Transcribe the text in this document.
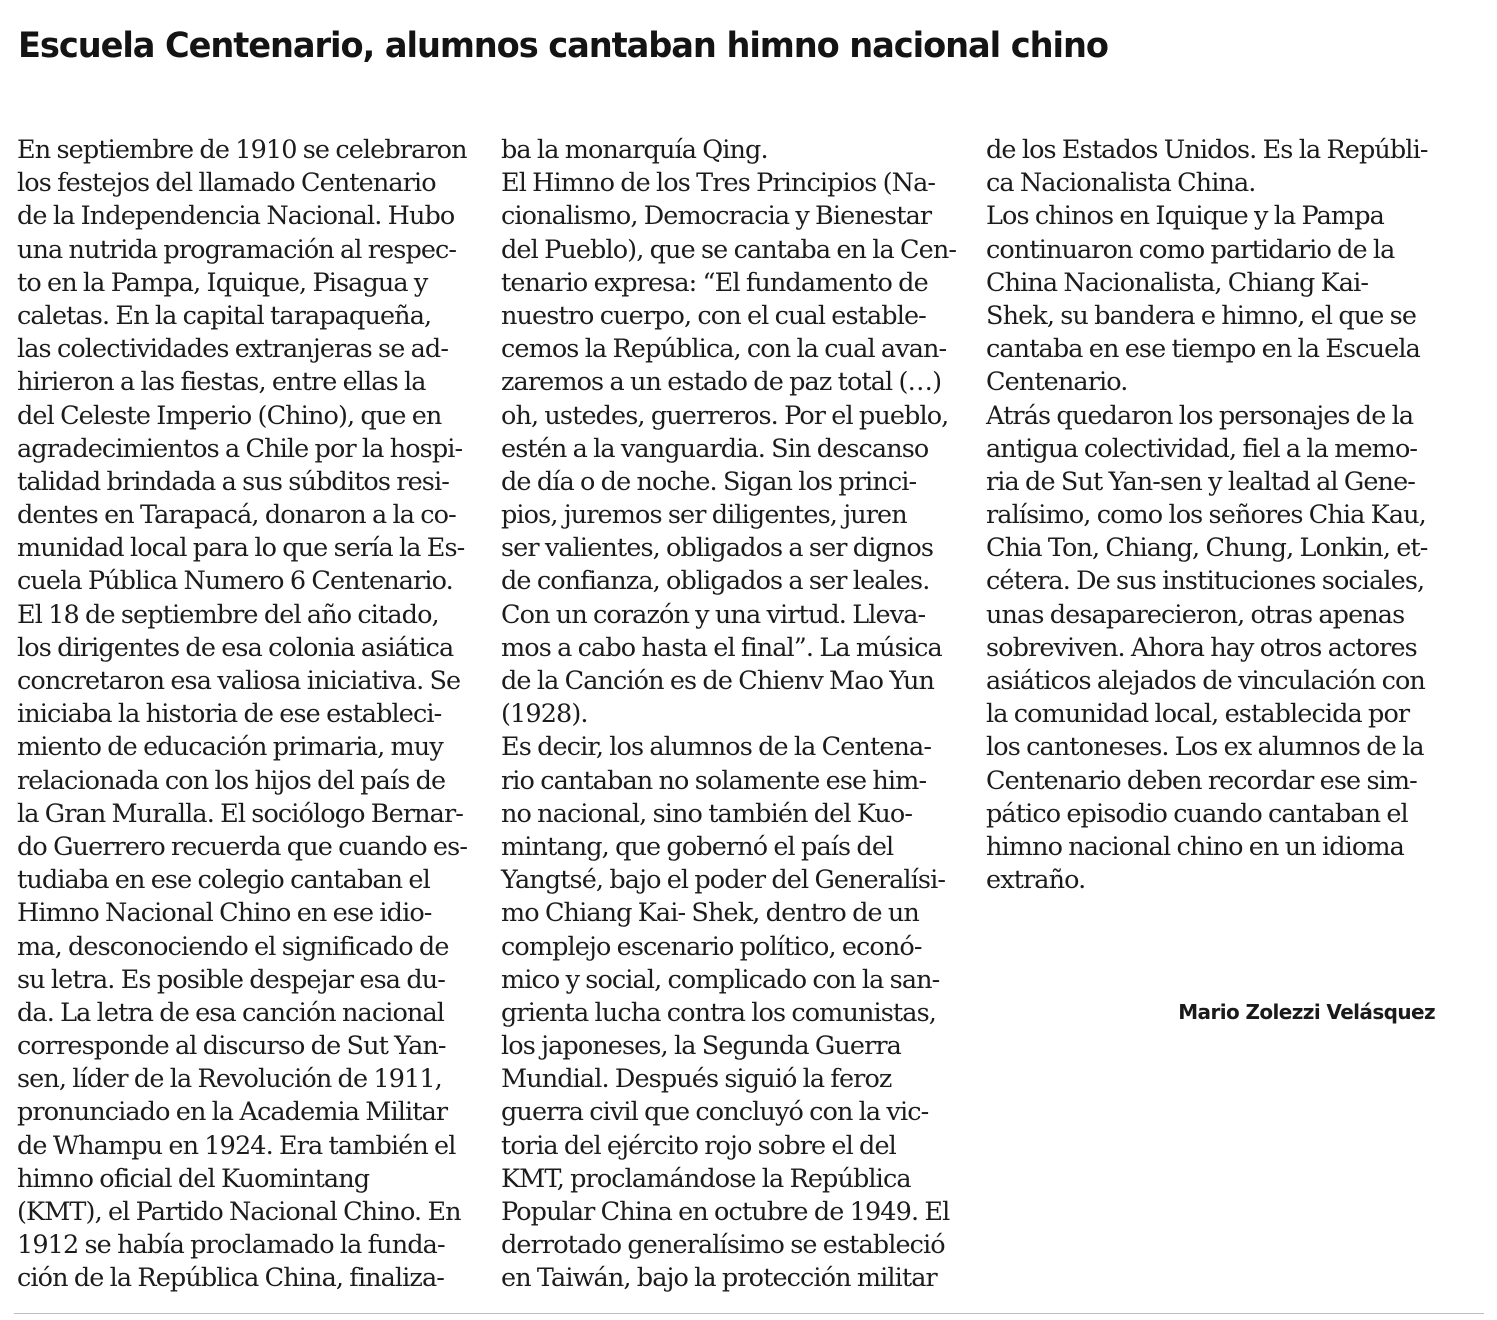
Escuela Centenario, alumnos cantaban himno nacional chino
En septiembre de 1910 se celebraron
los festejos del llamado Centenario
de la Independencia Nacional. Hubo
una nutrida programación al respec-
to en la Pampa, Iquique, Pisagua y
caletas. En la capital tarapaqueña,
las colectividades extranjeras se ad-
hirieron a las fiestas, entre ellas la
del Celeste Imperio (Chino), que en
agradecimientos a Chile por la hospi-
talidad brindada a sus súbditos resi-
dentes en Tarapacá, donaron a la co-
munidad local para lo que sería la Es-
cuela Pública Numero 6 Centenario.
El 18 de septiembre del año citado,
los dirigentes de esa colonia asiática
concretaron esa valiosa iniciativa. Se
iniciaba la historia de ese estableci-
miento de educación primaria, muy
relacionada con los hijos del país de
la Gran Muralla. El sociólogo Bernar-
do Guerrero recuerda que cuando es-
tudiaba en ese colegio cantaban el
Himno Nacional Chino en ese idio-
ma, desconociendo el significado de
su letra. Es posible despejar esa du-
da. La letra de esa canción nacional
corresponde al discurso de Sut Yan-
sen, líder de la Revolución de 1911,
pronunciado en la Academia Militar
de Whampu en 1924. Era también el
himno oficial del Kuomintang
(KMT), el Partido Nacional Chino. En
1912 se había proclamado la funda-
ción de la República China, finaliza-
ba la monarquía Qing.
El Himno de los Tres Principios (Na-
cionalismo, Democracia y Bienestar
del Pueblo), que se cantaba en la Cen-
tenario expresa: “El fundamento de
nuestro cuerpo, con el cual estable-
cemos la República, con la cual avan-
zaremos a un estado de paz total (…)
oh, ustedes, guerreros. Por el pueblo,
estén a la vanguardia. Sin descanso
de día o de noche. Sigan los princi-
pios, juremos ser diligentes, juren
ser valientes, obligados a ser dignos
de confianza, obligados a ser leales.
Con un corazón y una virtud. Lleva-
mos a cabo hasta el final”. La música
de la Canción es de Chienv Mao Yun
(1928).
Es decir, los alumnos de la Centena-
rio cantaban no solamente ese him-
no nacional, sino también del Kuo-
mintang, que gobernó el país del
Yangtsé, bajo el poder del Generalísi-
mo Chiang Kai- Shek, dentro de un
complejo escenario político, econó-
mico y social, complicado con la san-
grienta lucha contra los comunistas,
los japoneses, la Segunda Guerra
Mundial. Después siguió la feroz
guerra civil que concluyó con la vic-
toria del ejército rojo sobre el del
KMT, proclamándose la República
Popular China en octubre de 1949. El
derrotado generalísimo se estableció
en Taiwán, bajo la protección militar
de los Estados Unidos. Es la Repúbli-
ca Nacionalista China.
Los chinos en Iquique y la Pampa
continuaron como partidario de la
China Nacionalista, Chiang Kai-
Shek, su bandera e himno, el que se
cantaba en ese tiempo en la Escuela
Centenario.
Atrás quedaron los personajes de la
antigua colectividad, fiel a la memo-
ria de Sut Yan-sen y lealtad al Gene-
ralísimo, como los señores Chia Kau,
Chia Ton, Chiang, Chung, Lonkin, et-
cétera. De sus instituciones sociales,
unas desaparecieron, otras apenas
sobreviven. Ahora hay otros actores
asiáticos alejados de vinculación con
la comunidad local, establecida por
los cantoneses. Los ex alumnos de la
Centenario deben recordar ese sim-
pático episodio cuando cantaban el
himno nacional chino en un idioma
extraño.
Mario Zolezzi Velásquez
